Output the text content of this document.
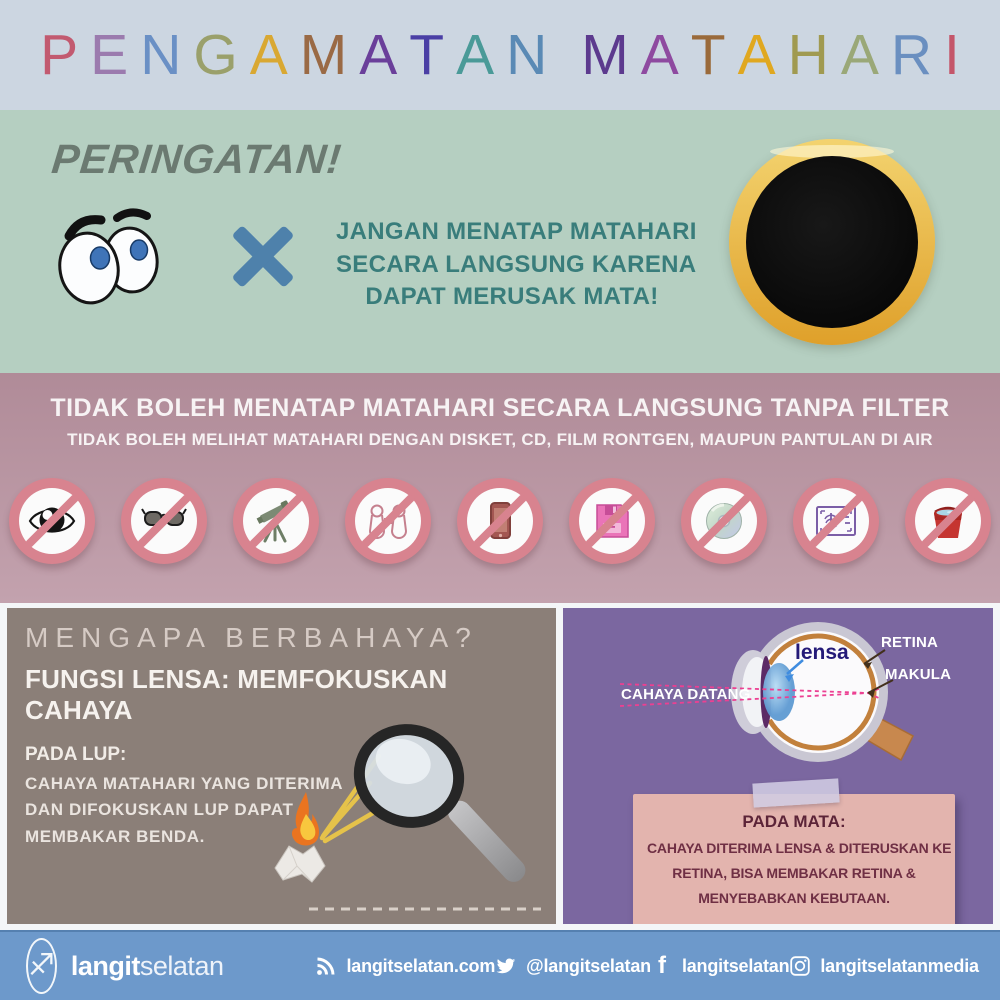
P E N G A M A T A N M A T A H A R I
PERINGATAN!
JANGAN MENATAP MATAHARI
SECARA LANGSUNG KARENA
DAPAT MERUSAK MATA!
TIDAK BOLEH MENATAP MATAHARI SECARA LANGSUNG TANPA FILTER
TIDAK BOLEH MELIHAT MATAHARI DENGAN DISKET, CD, FILM RONTGEN, MAUPUN PANTULAN DI AIR
MENGAPA BERBAHAYA?
FUNGSI LENSA: MEMFOKUSKAN CAHAYA
PADA LUP:
CAHAYA MATAHARI YANG DITERIMA
DAN DIFOKUSKAN LUP DAPAT
MEMBAKAR BENDA.
lensa RETINA
MAKULA
CAHAYA DATANG
PADA MATA:
CAHAYA DITERIMA LENSA & DITERUSKAN KE
RETINA, BISA MEMBAKAR RETINA &
MENYEBABKAN KEBUTAAN.
♐ langitselatan	langitselatan.com @langitselatan f langitselatan langitselatanmedia
